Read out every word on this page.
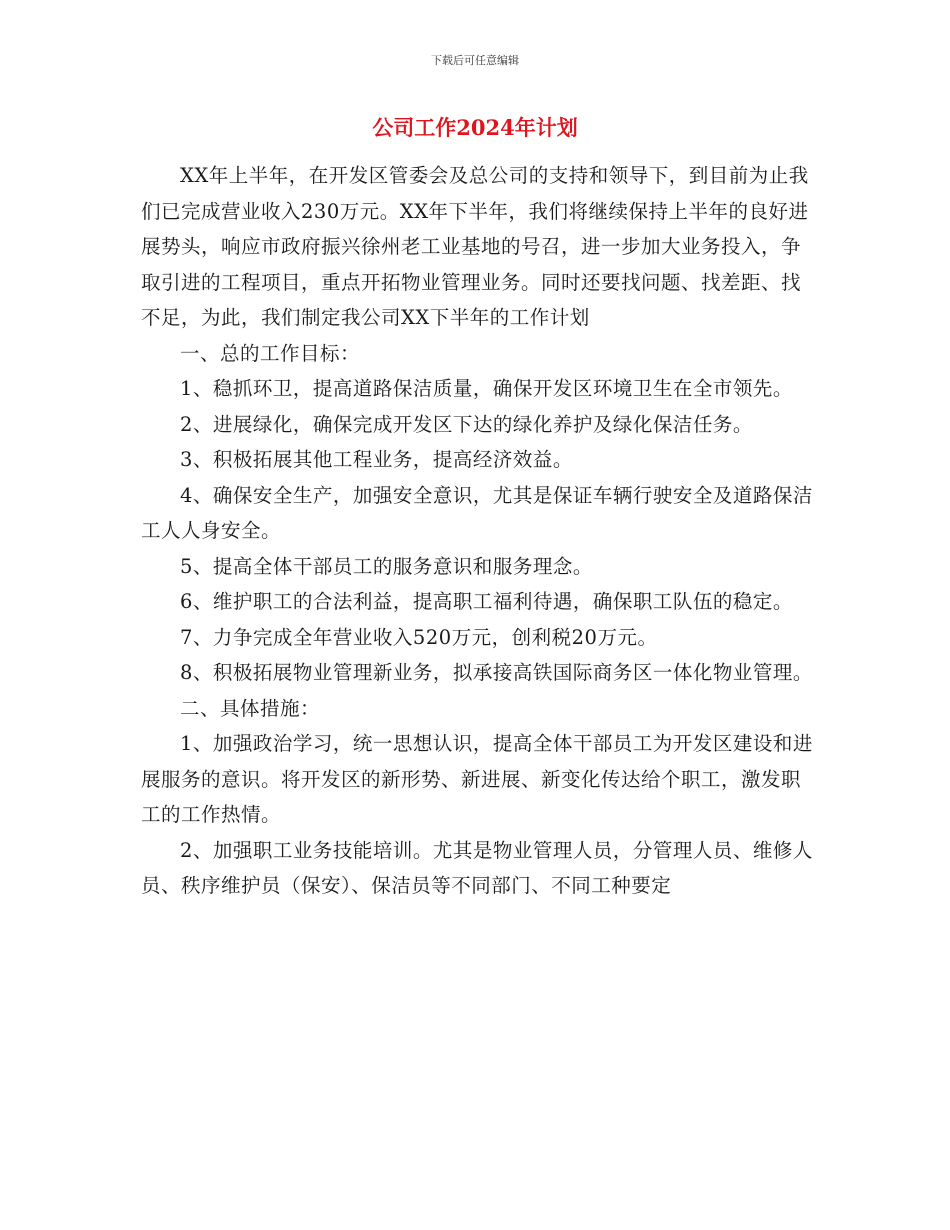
下载后可任意编辑
公司工作2024年计划

XX年上半年，在开发区管委会及总公司的支持和领导下，到目前为止我们已完成营业收入230万元。XX年下半年，我们将继续保持上半年的良好进展势头，响应市政府振兴徐州老工业基地的号召，进一步加大业务投入，争取引进的工程项目，重点开拓物业管理业务。同时还要找问题、找差距、找不足，为此，我们制定我公司XX下半年的工作计划

一、总的工作目标：

1、稳抓环卫，提高道路保洁质量，确保开发区环境卫生在全市领先。

2、进展绿化，确保完成开发区下达的绿化养护及绿化保洁任务。

3、积极拓展其他工程业务，提高经济效益。

4、确保安全生产，加强安全意识，尤其是保证车辆行驶安全及道路保洁工人人身安全。

5、提高全体干部员工的服务意识和服务理念。

6、维护职工的合法利益，提高职工福利待遇，确保职工队伍的稳定。

7、力争完成全年营业收入520万元，创利税20万元。

8、积极拓展物业管理新业务，拟承接高铁国际商务区一体化物业管理。

二、具体措施：

1、加强政治学习，统一思想认识，提高全体干部员工为开发区建设和进展服务的意识。将开发区的新形势、新进展、新变化传达给个职工，激发职工的工作热情。

2、加强职工业务技能培训。尤其是物业管理人员，分管理人员、维修人员、秩序维护员（保安）、保洁员等不同部门、不同工种要定
